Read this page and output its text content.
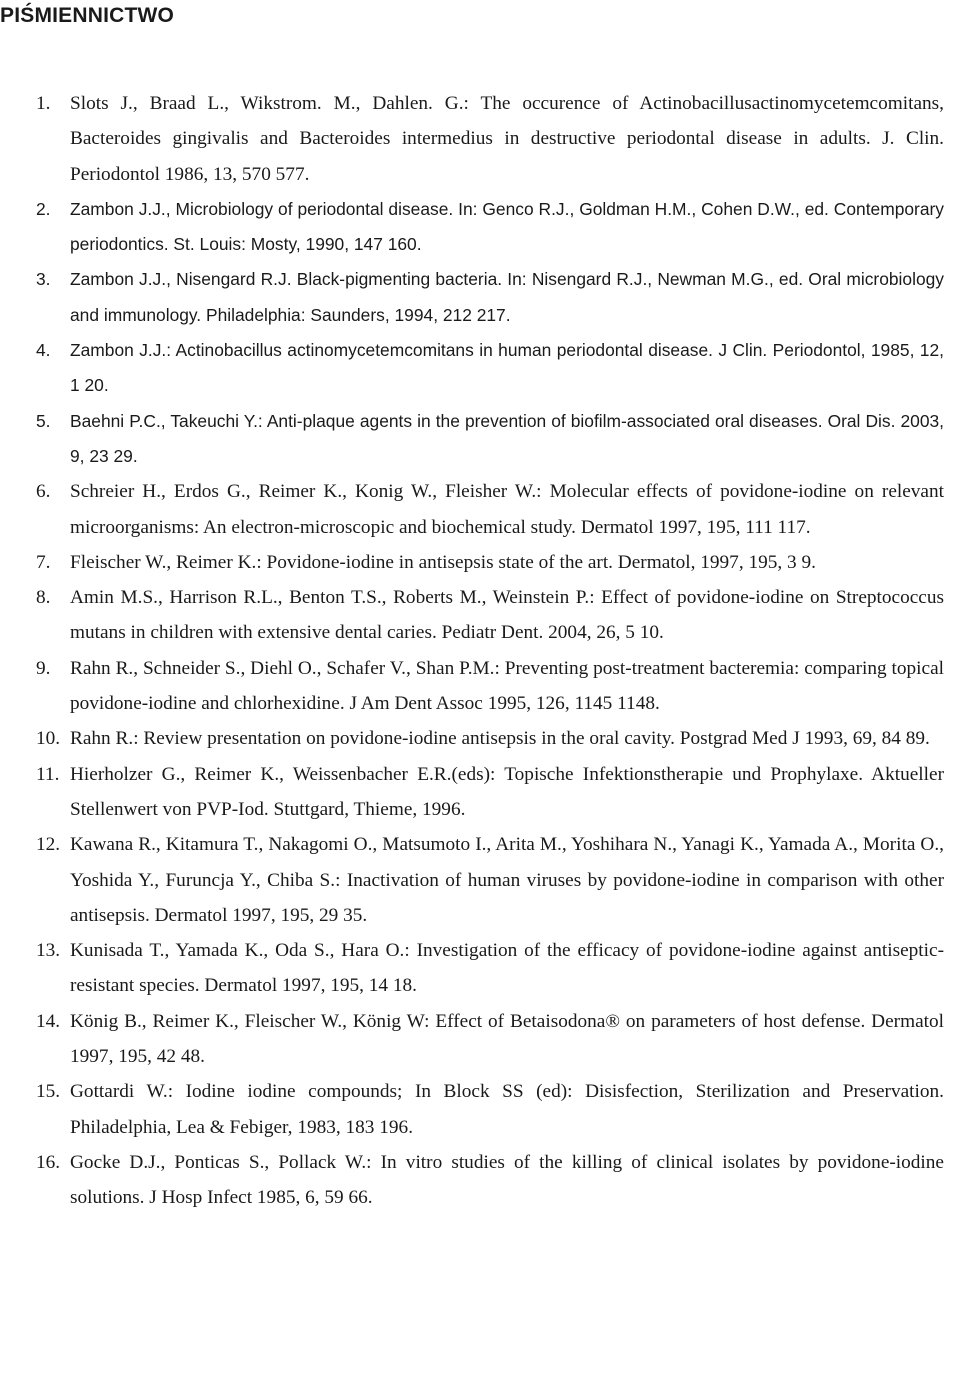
PIŚMIENNICTWO
1. Slots J., Braad L., Wikstrom. M., Dahlen. G.: The occurence of Actinobacillusactinomycetemcomitans, Bacteroides gingivalis and Bacteroides intermedius in destructive periodontal disease in adults. J. Clin. Periodontol 1986, 13, 570 577.
2. Zambon J.J., Microbiology of periodontal disease. In: Genco R.J., Goldman H.M., Cohen D.W., ed. Contemporary periodontics. St. Louis: Mosty, 1990, 147 160.
3. Zambon J.J., Nisengard R.J. Black-pigmenting bacteria. In: Nisengard R.J., Newman M.G., ed. Oral microbiology and immunology. Philadelphia: Saunders, 1994, 212 217.
4. Zambon J.J.: Actinobacillus actinomycetemcomitans in human periodontal disease. J Clin. Periodontol, 1985, 12, 1 20.
5. Baehni P.C., Takeuchi Y.: Anti-plaque agents in the prevention of biofilm-associated oral diseases. Oral Dis. 2003, 9, 23 29.
6. Schreier H., Erdos G., Reimer K., Konig W., Fleisher W.: Molecular effects of povidone-iodine on relevant microorganisms: An electron-microscopic and biochemical study. Dermatol 1997, 195, 111 117.
7. Fleischer W., Reimer K.: Povidone-iodine in antisepsis state of the art. Dermatol, 1997, 195, 3 9.
8. Amin M.S., Harrison R.L., Benton T.S., Roberts M., Weinstein P.: Effect of povidone-iodine on Streptococcus mutans in children with extensive dental caries. Pediatr Dent. 2004, 26, 5 10.
9. Rahn R., Schneider S., Diehl O., Schafer V., Shan P.M.: Preventing post-treatment bacteremia: comparing topical povidone-iodine and chlorhexidine. J Am Dent Assoc 1995, 126, 1145 1148.
10. Rahn R.: Review presentation on povidone-iodine antisepsis in the oral cavity. Postgrad Med J 1993, 69, 84 89.
11. Hierholzer G., Reimer K., Weissenbacher E.R.(eds): Topische Infektionstherapie und Prophylaxe. Aktueller Stellenwert von PVP-Iod. Stuttgard, Thieme, 1996.
12. Kawana R., Kitamura T., Nakagomi O., Matsumoto I., Arita M., Yoshihara N., Yanagi K., Yamada A., Morita O., Yoshida Y., Furuncja Y., Chiba S.: Inactivation of human viruses by povidone-iodine in comparison with other antisepsis. Dermatol 1997, 195, 29 35.
13. Kunisada T., Yamada K., Oda S., Hara O.: Investigation of the efficacy of povidone-iodine against antiseptic-resistant species. Dermatol 1997, 195, 14 18.
14. König B., Reimer K., Fleischer W., König W: Effect of Betaisodona® on parameters of host defense. Dermatol 1997, 195, 42 48.
15. Gottardi W.: Iodine iodine compounds; In Block SS (ed): Disisfection, Sterilization and Preservation. Philadelphia, Lea & Febiger, 1983, 183 196.
16. Gocke D.J., Ponticas S., Pollack W.: In vitro studies of the killing of clinical isolates by povidone-iodine solutions. J Hosp Infect 1985, 6, 59 66.
